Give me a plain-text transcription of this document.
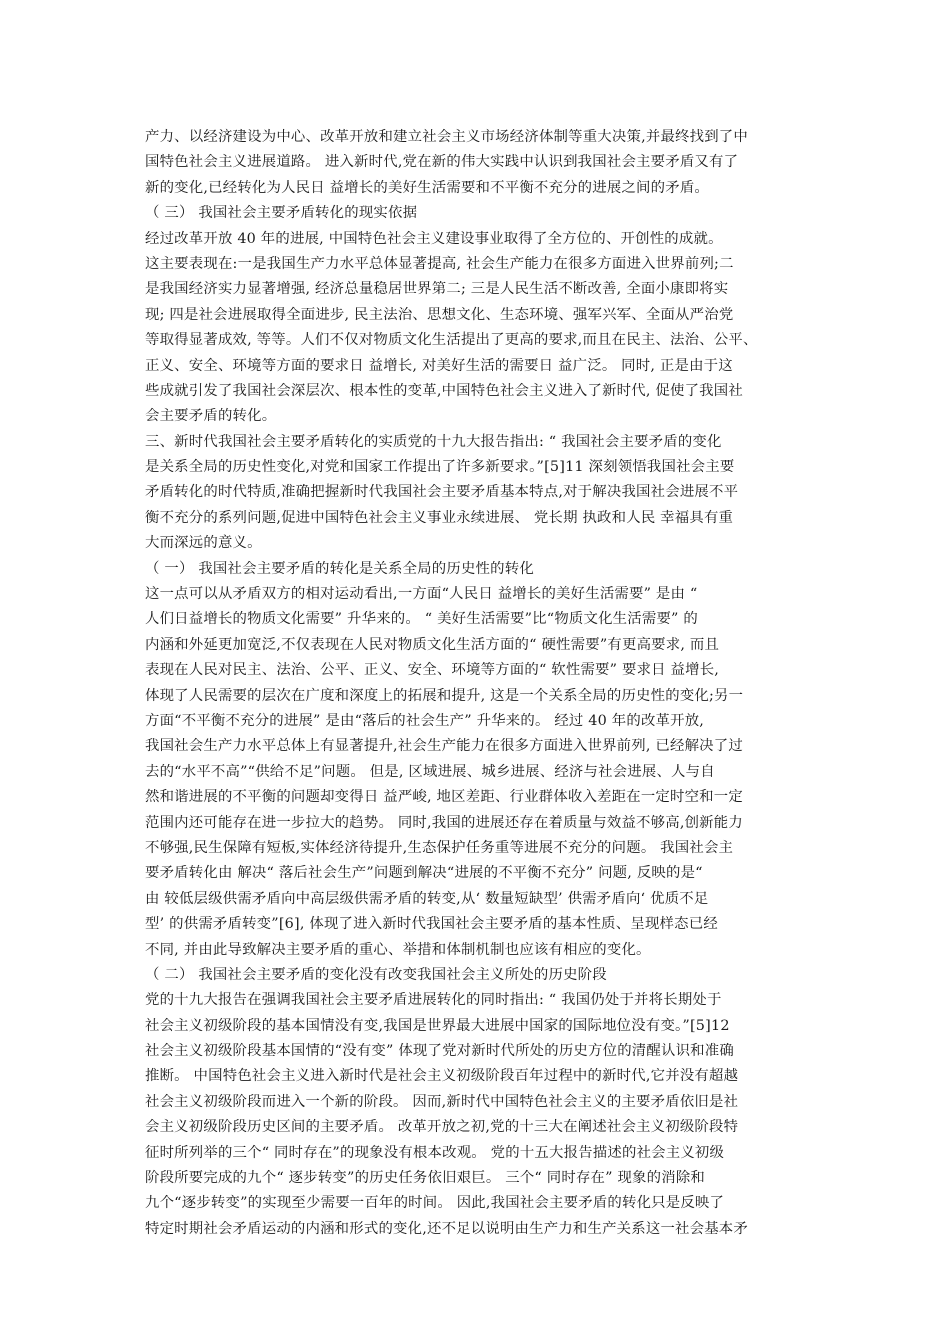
产力、以经济建设为中心、改革开放和建立社会主义市场经济体制等重大决策,并最终找到了中
国特色社会主义进展道路。 进入新时代,党在新的伟大实践中认识到我国社会主要矛盾又有了
新的变化,已经转化为人民日 益增长的美好生活需要和不平衡不充分的进展之间的矛盾。
（ 三） 我国社会主要矛盾转化的现实依据
经过改革开放 40 年的进展, 中国特色社会主义建设事业取得了全方位的、开创性的成就。
这主要表现在:一是我国生产力水平总体显著提高, 社会生产能力在很多方面进入世界前列;二
是我国经济实力显著增强, 经济总量稳居世界第二; 三是人民生活不断改善, 全面小康即将实
现; 四是社会进展取得全面进步, 民主法治、思想文化、生态环境、强军兴军、全面从严治党
等取得显著成效, 等等。人们不仅对物质文化生活提出了更高的要求,而且在民主、法治、公平、
正义、安全、环境等方面的要求日 益增长, 对美好生活的需要日 益广泛。 同时, 正是由于这
些成就引发了我国社会深层次、根本性的变革,中国特色社会主义进入了新时代, 促使了我国社
会主要矛盾的转化。
三、新时代我国社会主要矛盾转化的实质党的十九大报告指出: “ 我国社会主要矛盾的变化
是关系全局的历史性变化,对党和国家工作提出了许多新要求。”[5]11 深刻领悟我国社会主要
矛盾转化的时代特质,准确把握新时代我国社会主要矛盾基本特点,对于解决我国社会进展不平
衡不充分的系列问题,促进中国特色社会主义事业永续进展、 党长期 执政和人民 幸福具有重
大而深远的意义。
（ 一） 我国社会主要矛盾的转化是关系全局的历史性的转化
这一点可以从矛盾双方的相对运动看出,一方面“人民日 益增长的美好生活需要” 是由 “
人们日益增长的物质文化需要” 升华来的。 “ 美好生活需要”比“物质文化生活需要” 的
内涵和外延更加宽泛,不仅表现在人民对物质文化生活方面的“ 硬性需要”有更高要求, 而且
表现在人民对民主、法治、公平、正义、安全、环境等方面的“ 软性需要” 要求日 益增长,
体现了人民需要的层次在广度和深度上的拓展和提升, 这是一个关系全局的历史性的变化;另一
方面“不平衡不充分的进展” 是由“落后的社会生产” 升华来的。 经过 40 年的改革开放,
我国社会生产力水平总体上有显著提升,社会生产能力在很多方面进入世界前列, 已经解决了过
去的“水平不高”“供给不足”问题。 但是, 区域进展、城乡进展、经济与社会进展、人与自
然和谐进展的不平衡的问题却变得日 益严峻, 地区差距、行业群体收入差距在一定时空和一定
范围内还可能存在进一步拉大的趋势。 同时,我国的进展还存在着质量与效益不够高,创新能力
不够强,民生保障有短板,实体经济待提升,生态保护任务重等进展不充分的问题。 我国社会主
要矛盾转化由 解决“ 落后社会生产”问题到解决“进展的不平衡不充分” 问题, 反映的是“
由 较低层级供需矛盾向中高层级供需矛盾的转变,从‘ 数量短缺型’ 供需矛盾向‘ 优质不足
型’ 的供需矛盾转变”[6], 体现了进入新时代我国社会主要矛盾的基本性质、呈现样态已经
不同, 并由此导致解决主要矛盾的重心、举措和体制机制也应该有相应的变化。
（ 二） 我国社会主要矛盾的变化没有改变我国社会主义所处的历史阶段
党的十九大报告在强调我国社会主要矛盾进展转化的同时指出: “ 我国仍处于并将长期处于
社会主义初级阶段的基本国情没有变,我国是世界最大进展中国家的国际地位没有变。”[5]12
社会主义初级阶段基本国情的“没有变” 体现了党对新时代所处的历史方位的清醒认识和准确
推断。 中国特色社会主义进入新时代是社会主义初级阶段百年过程中的新时代,它并没有超越
社会主义初级阶段而进入一个新的阶段。 因而,新时代中国特色社会主义的主要矛盾依旧是社
会主义初级阶段历史区间的主要矛盾。 改革开放之初,党的十三大在阐述社会主义初级阶段特
征时所列举的三个“ 同时存在”的现象没有根本改观。 党的十五大报告描述的社会主义初级
阶段所要完成的九个“ 逐步转变”的历史任务依旧艰巨。 三个“ 同时存在” 现象的消除和
九个“逐步转变”的实现至少需要一百年的时间。 因此,我国社会主要矛盾的转化只是反映了
特定时期社会矛盾运动的内涵和形式的变化,还不足以说明由生产力和生产关系这一社会基本矛
